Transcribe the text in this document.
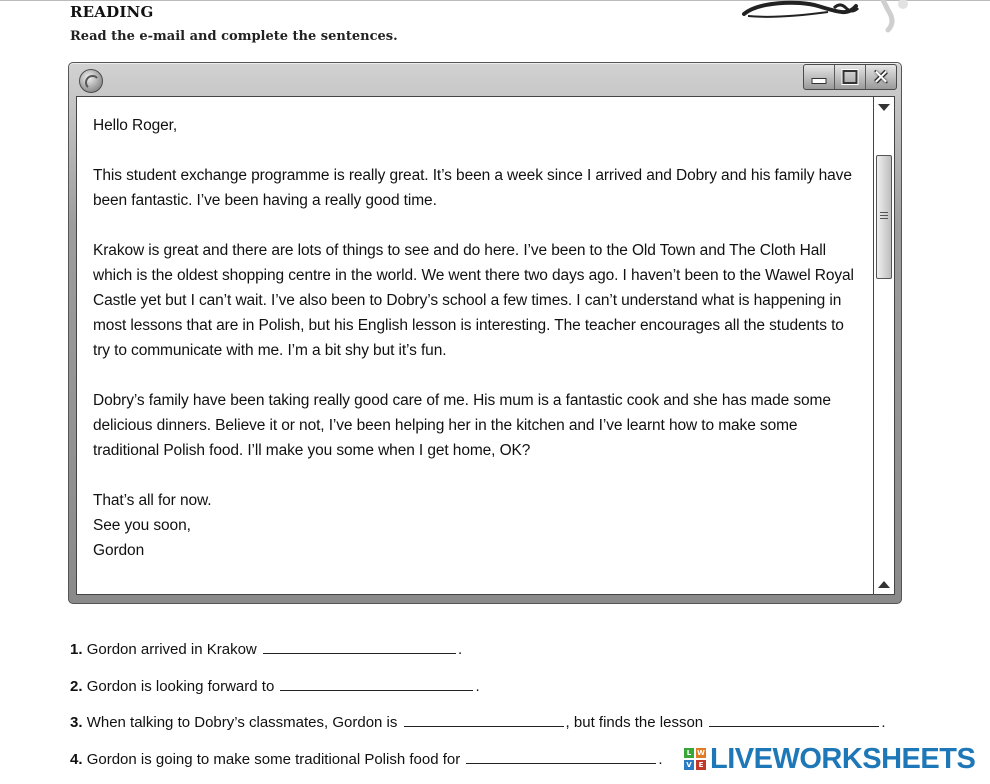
READING
Read the e-mail and complete the sentences.
✕

Hello Roger,

This student exchange programme is really great. It’s been a week since I arrived and Dobry and his family have been fantastic. I’ve been having a really good time.

Krakow is great and there are lots of things to see and do here. I’ve been to the Old Town and The Cloth Hall which is the oldest shopping centre in the world. We went there two days ago. I haven’t been to the Wawel Royal Castle yet but I can’t wait. I’ve also been to Dobry’s school a few times. I can’t understand what is happening in most lessons that are in Polish, but his English lesson is interesting. The teacher encourages all the students to try to communicate with me. I’m a bit shy but it’s fun.

Dobry’s family have been taking really good care of me. His mum is a fantastic cook and she has made some delicious dinners. Believe it or not, I’ve been helping her in the kitchen and I’ve learnt how to make some traditional Polish food. I’ll make you some when I get home, OK?

That’s all for now.
See you soon,
Gordon
1. Gordon arrived in Krakow	.
2. Gordon is looking forward to	.
3. When talking to Dobry’s classmates, Gordon is	, but finds the lesson	.
4. Gordon is going to make some traditional Polish food for	.	L W
V E LIVEWORKSHEETS
